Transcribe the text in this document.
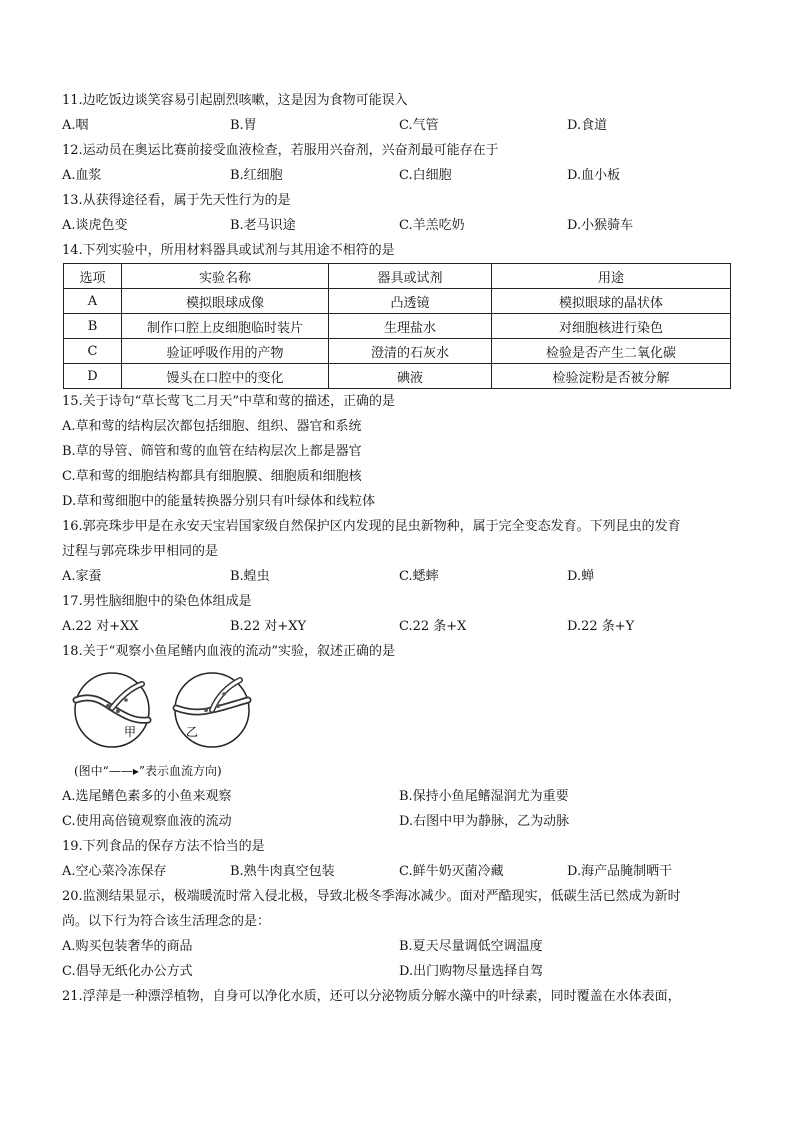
11.边吃饭边谈笑容易引起剧烈咳嗽，这是因为食物可能误入
A.咽	B.胃	C.气管	D.食道
12.运动员在奥运比赛前接受血液检查，若服用兴奋剂，兴奋剂最可能存在于
A.血浆	B.红细胞	C.白细胞	D.血小板
13.从获得途径看，属于先天性行为的是
A.谈虎色变	B.老马识途	C.羊羔吃奶	D.小猴骑车
14.下列实验中，所用材料器具或试剂与其用途不相符的是
选项	实验名称	器具或试剂	用途
A	模拟眼球成像	凸透镜	模拟眼球的晶状体
B	制作口腔上皮细胞临时装片	生理盐水	对细胞核进行染色
C	验证呼吸作用的产物	澄清的石灰水	检验是否产生二氧化碳
D	馒头在口腔中的变化	碘液	检验淀粉是否被分解
15.关于诗句“草长莺飞二月天”中草和莺的描述，正确的是
A.草和莺的结构层次都包括细胞、组织、器官和系统
B.草的导管、筛管和莺的血管在结构层次上都是器官
C.草和莺的细胞结构都具有细胞膜、细胞质和细胞核
D.草和莺细胞中的能量转换器分别只有叶绿体和线粒体
16.郭亮珠步甲是在永安天宝岩国家级自然保护区内发现的昆虫新物种，属于完全变态发育。下列昆虫的发育
过程与郭亮珠步甲相同的是
A.家蚕	B.蝗虫	C.蟋蟀	D.蝉
17.男性脑细胞中的染色体组成是
A.22 对+XX	B.22 对+XY	C.22 条+X	D.22 条+Y
18.关于“观察小鱼尾鳍内血液的流动”实验，叙述正确的是
甲	乙
(图中“——▸”表示血流方向)
A.选尾鳍色素多的小鱼来观察	B.保持小鱼尾鳍湿润尤为重要
C.使用高倍镜观察血液的流动	D.右图中甲为静脉，乙为动脉
19.下列食品的保存方法不恰当的是
A.空心菜冷冻保存	B.熟牛肉真空包装	C.鲜牛奶灭菌冷藏	D.海产品腌制晒干
20.监测结果显示，极端暖流时常入侵北极，导致北极冬季海冰减少。面对严酷现实，低碳生活已然成为新时
尚。以下行为符合该生活理念的是：
A.购买包装奢华的商品	B.夏天尽量调低空调温度
C.倡导无纸化办公方式	D.出门购物尽量选择自驾
21.浮萍是一种漂浮植物，自身可以净化水质，还可以分泌物质分解水藻中的叶绿素，同时覆盖在水体表面，
